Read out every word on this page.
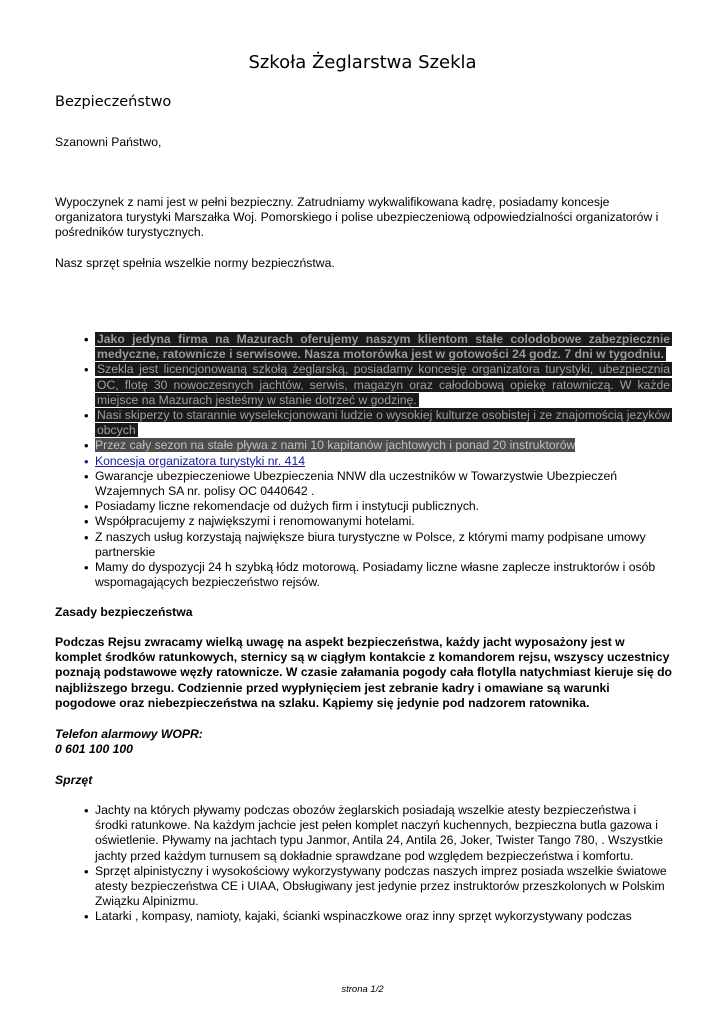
Szkoła Żeglarstwa Szekla
Bezpieczeństwo

Szanowni Państwo,

Wypoczynek z nami jest w pełni bezpieczny. Zatrudniamy wykwalifikowana kadrę, posiadamy koncesje organizatora turystyki Marszałka Woj. Pomorskiego i polise ubezpieczeniową odpowiedzialności organizatorów i pośredników turystycznych.

Nasz sprzęt spełnia wszelkie normy bezpieczństwa.

• Jako jedyna firma na Mazurach oferujemy naszym klientom stałe colodobowe zabezpiecznie medyczne, ratownicze i serwisowe. Nasza motorówka jest w gotowości 24 godz. 7 dni w tygodniu.
• Szekla jest licencjonowaną szkołą żeglarską, posiadamy koncesję organizatora turystyki, ubezpiecznia OC, flotę 30 nowoczesnych jachtów, serwis, magazyn oraz całodobową opiekę ratowniczą. W każde miejsce na Mazurach jesteśmy w stanie dotrzeć w godzinę.
• Nasi skiperzy to starannie wyselekcjonowani ludzie o wysokiej kulturze osobistej i ze znajomością jezyków obcych
• Przez cały sezon na stałe pływa z nami 10 kapitanów jachtowych i ponad 20 instruktorów
• Koncesja organizatora turystyki nr. 414
• Gwarancje ubezpieczeniowe Ubezpieczenia NNW dla uczestników w Towarzystwie Ubezpieczeń Wzajemnych SA nr. polisy OC 0440642 .
• Posiadamy liczne rekomendacje od dużych firm i instytucji publicznych.
• Współpracujemy z największymi i renomowanymi hotelami.
• Z naszych usług korzystają największe biura turystyczne w Polsce, z którymi mamy podpisane umowy partnerskie
• Mamy do dyspozycji 24 h szybką łódz motorową. Posiadamy liczne własne zaplecze instruktorów i osób wspomagających bezpieczeństwo rejsów.

Zasady bezpieczeństwa

Podczas Rejsu zwracamy wielką uwagę na aspekt bezpieczeństwa, każdy jacht wyposażony jest w komplet środków ratunkowych, sternicy są w ciągłym kontakcie z komandorem rejsu, wszyscy uczestnicy poznają podstawowe węzły ratownicze. W czasie załamania pogody cała flotylla natychmiast kieruje się do najbliższego brzegu. Codziennie przed wypłynięciem jest zebranie kadry i omawiane są warunki pogodowe oraz niebezpieczeństwa na szlaku. Kąpiemy się jedynie pod nadzorem ratownika.

Telefon alarmowy WOPR:

0 601 100 100

Sprzęt

• Jachty na których pływamy podczas obozów żeglarskich posiadają wszelkie atesty bezpieczeństwa i środki ratunkowe. Na każdym jachcie jest pełen komplet naczyń kuchennych, bezpieczna butla gazowa i oświetlenie. Pływamy na jachtach typu Janmor, Antila 24, Antila 26, Joker, Twister Tango 780, . Wszystkie jachty przed każdym turnusem są dokładnie sprawdzane pod względem bezpieczeństwa i komfortu.
• Sprzęt alpinistyczny i wysokościowy wykorzystywany podczas naszych imprez posiada wszelkie światowe atesty bezpieczeństwa CE i UIAA, Obsługiwany jest jedynie przez instruktorów przeszkolonych w Polskim Związku Alpinizmu.
• Latarki , kompasy, namioty, kajaki, ścianki wspinaczkowe oraz inny sprzęt wykorzystywany podczas
strona 1/2
